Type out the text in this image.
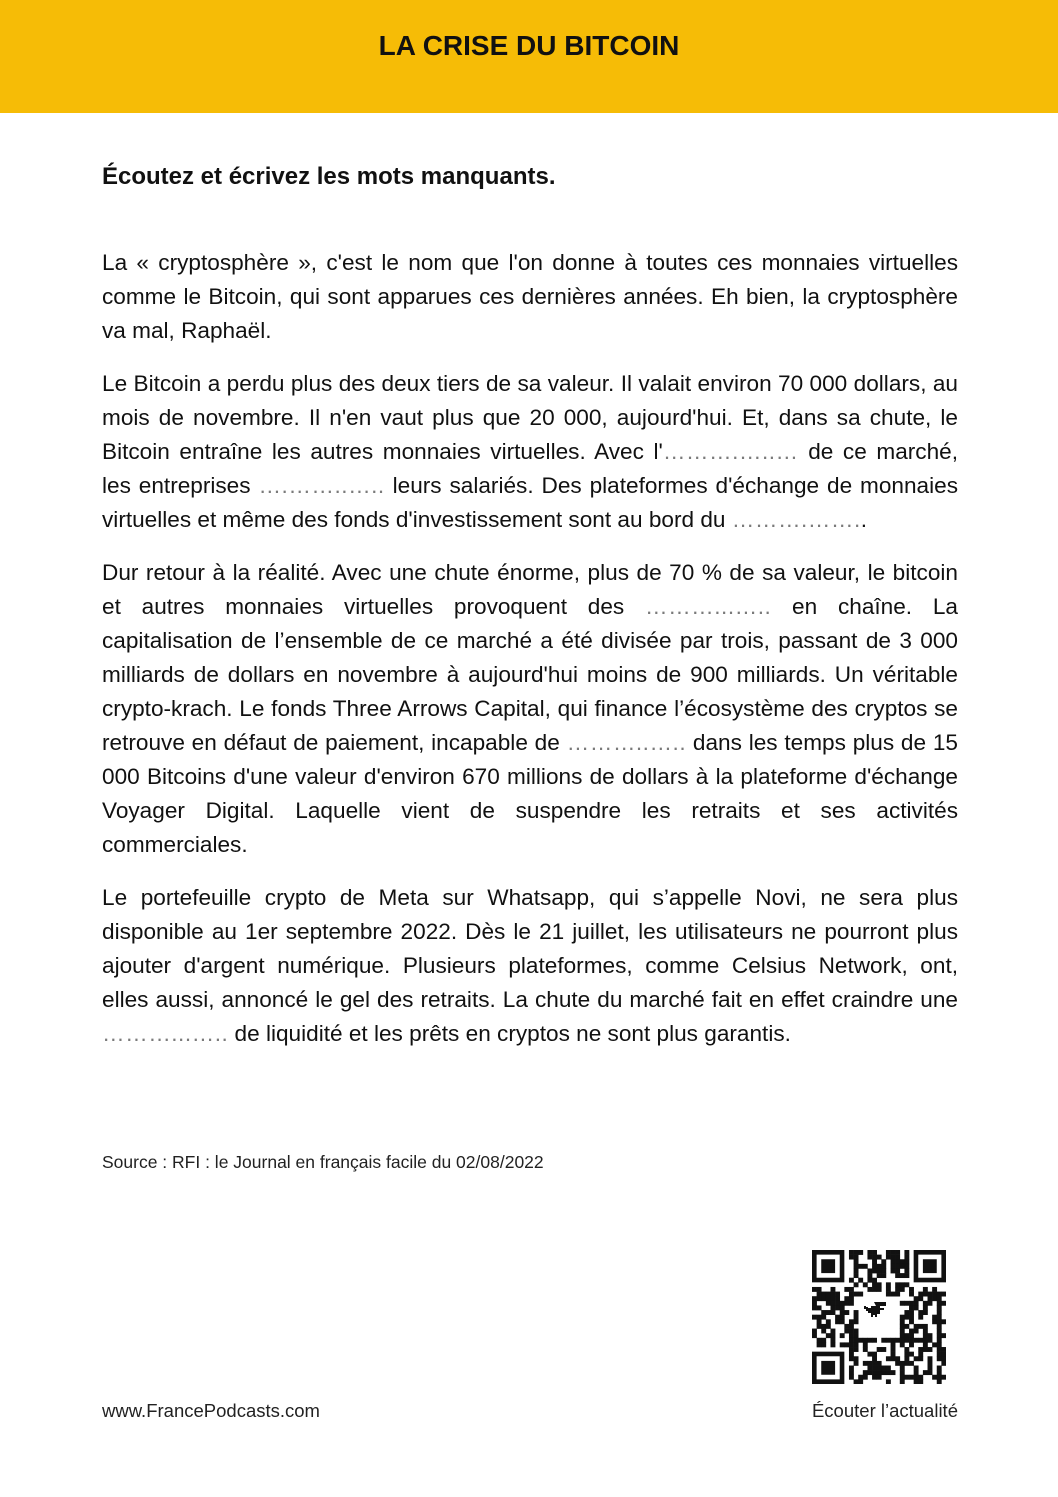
LA CRISE DU BITCOIN
Écoutez et écrivez les mots manquants.

La « cryptosphère », c'est le nom que l'on donne à toutes ces monnaies virtuelles comme le Bitcoin, qui sont apparues ces dernières années. Eh bien, la cryptosphère va mal, Raphaël.

Le Bitcoin a perdu plus des deux tiers de sa valeur. Il valait environ 70 000 dollars, au mois de novembre. Il n'en vaut plus que 20 000, aujourd'hui. Et, dans sa chute, le Bitcoin entraîne les autres monnaies virtuelles. Avec l'……….…..… de ce marché, les entreprises ….……..….. leurs salariés. Des plateformes d'échange de monnaies virtuelles et même des fonds d'investissement sont au bord du ……….……..

Dur retour à la réalité. Avec une chute énorme, plus de 70 % de sa valeur, le bitcoin et autres monnaies virtuelles provoquent des ………...….. en chaîne. La capitalisation de l’ensemble de ce marché a été divisée par trois, passant de 3 000 milliards de dollars en novembre à aujourd'hui moins de 900 milliards. Un véritable crypto-krach. Le fonds Three Arrows Capital, qui finance l’écosystème des cryptos se retrouve en défaut de paiement, incapable de ………..….. dans les temps plus de 15 000 Bitcoins d'une valeur d'environ 670 millions de dollars à la plateforme d'échange Voyager Digital. Laquelle vient de suspendre les retraits et ses activités commerciales.

Le portefeuille crypto de Meta sur Whatsapp, qui s’appelle Novi, ne sera plus disponible au 1er septembre 2022. Dès le 21 juillet, les utilisateurs ne pourront plus ajouter d'argent numérique. Plusieurs plateformes, comme Celsius Network, ont, elles aussi, annoncé le gel des retraits. La chute du marché fait en effet craindre une ………...….. de liquidité et les prêts en cryptos ne sont plus garantis.

Source : RFI : le Journal en français facile du 02/08/2022
www.FrancePodcasts.com	Écouter l’actualité
